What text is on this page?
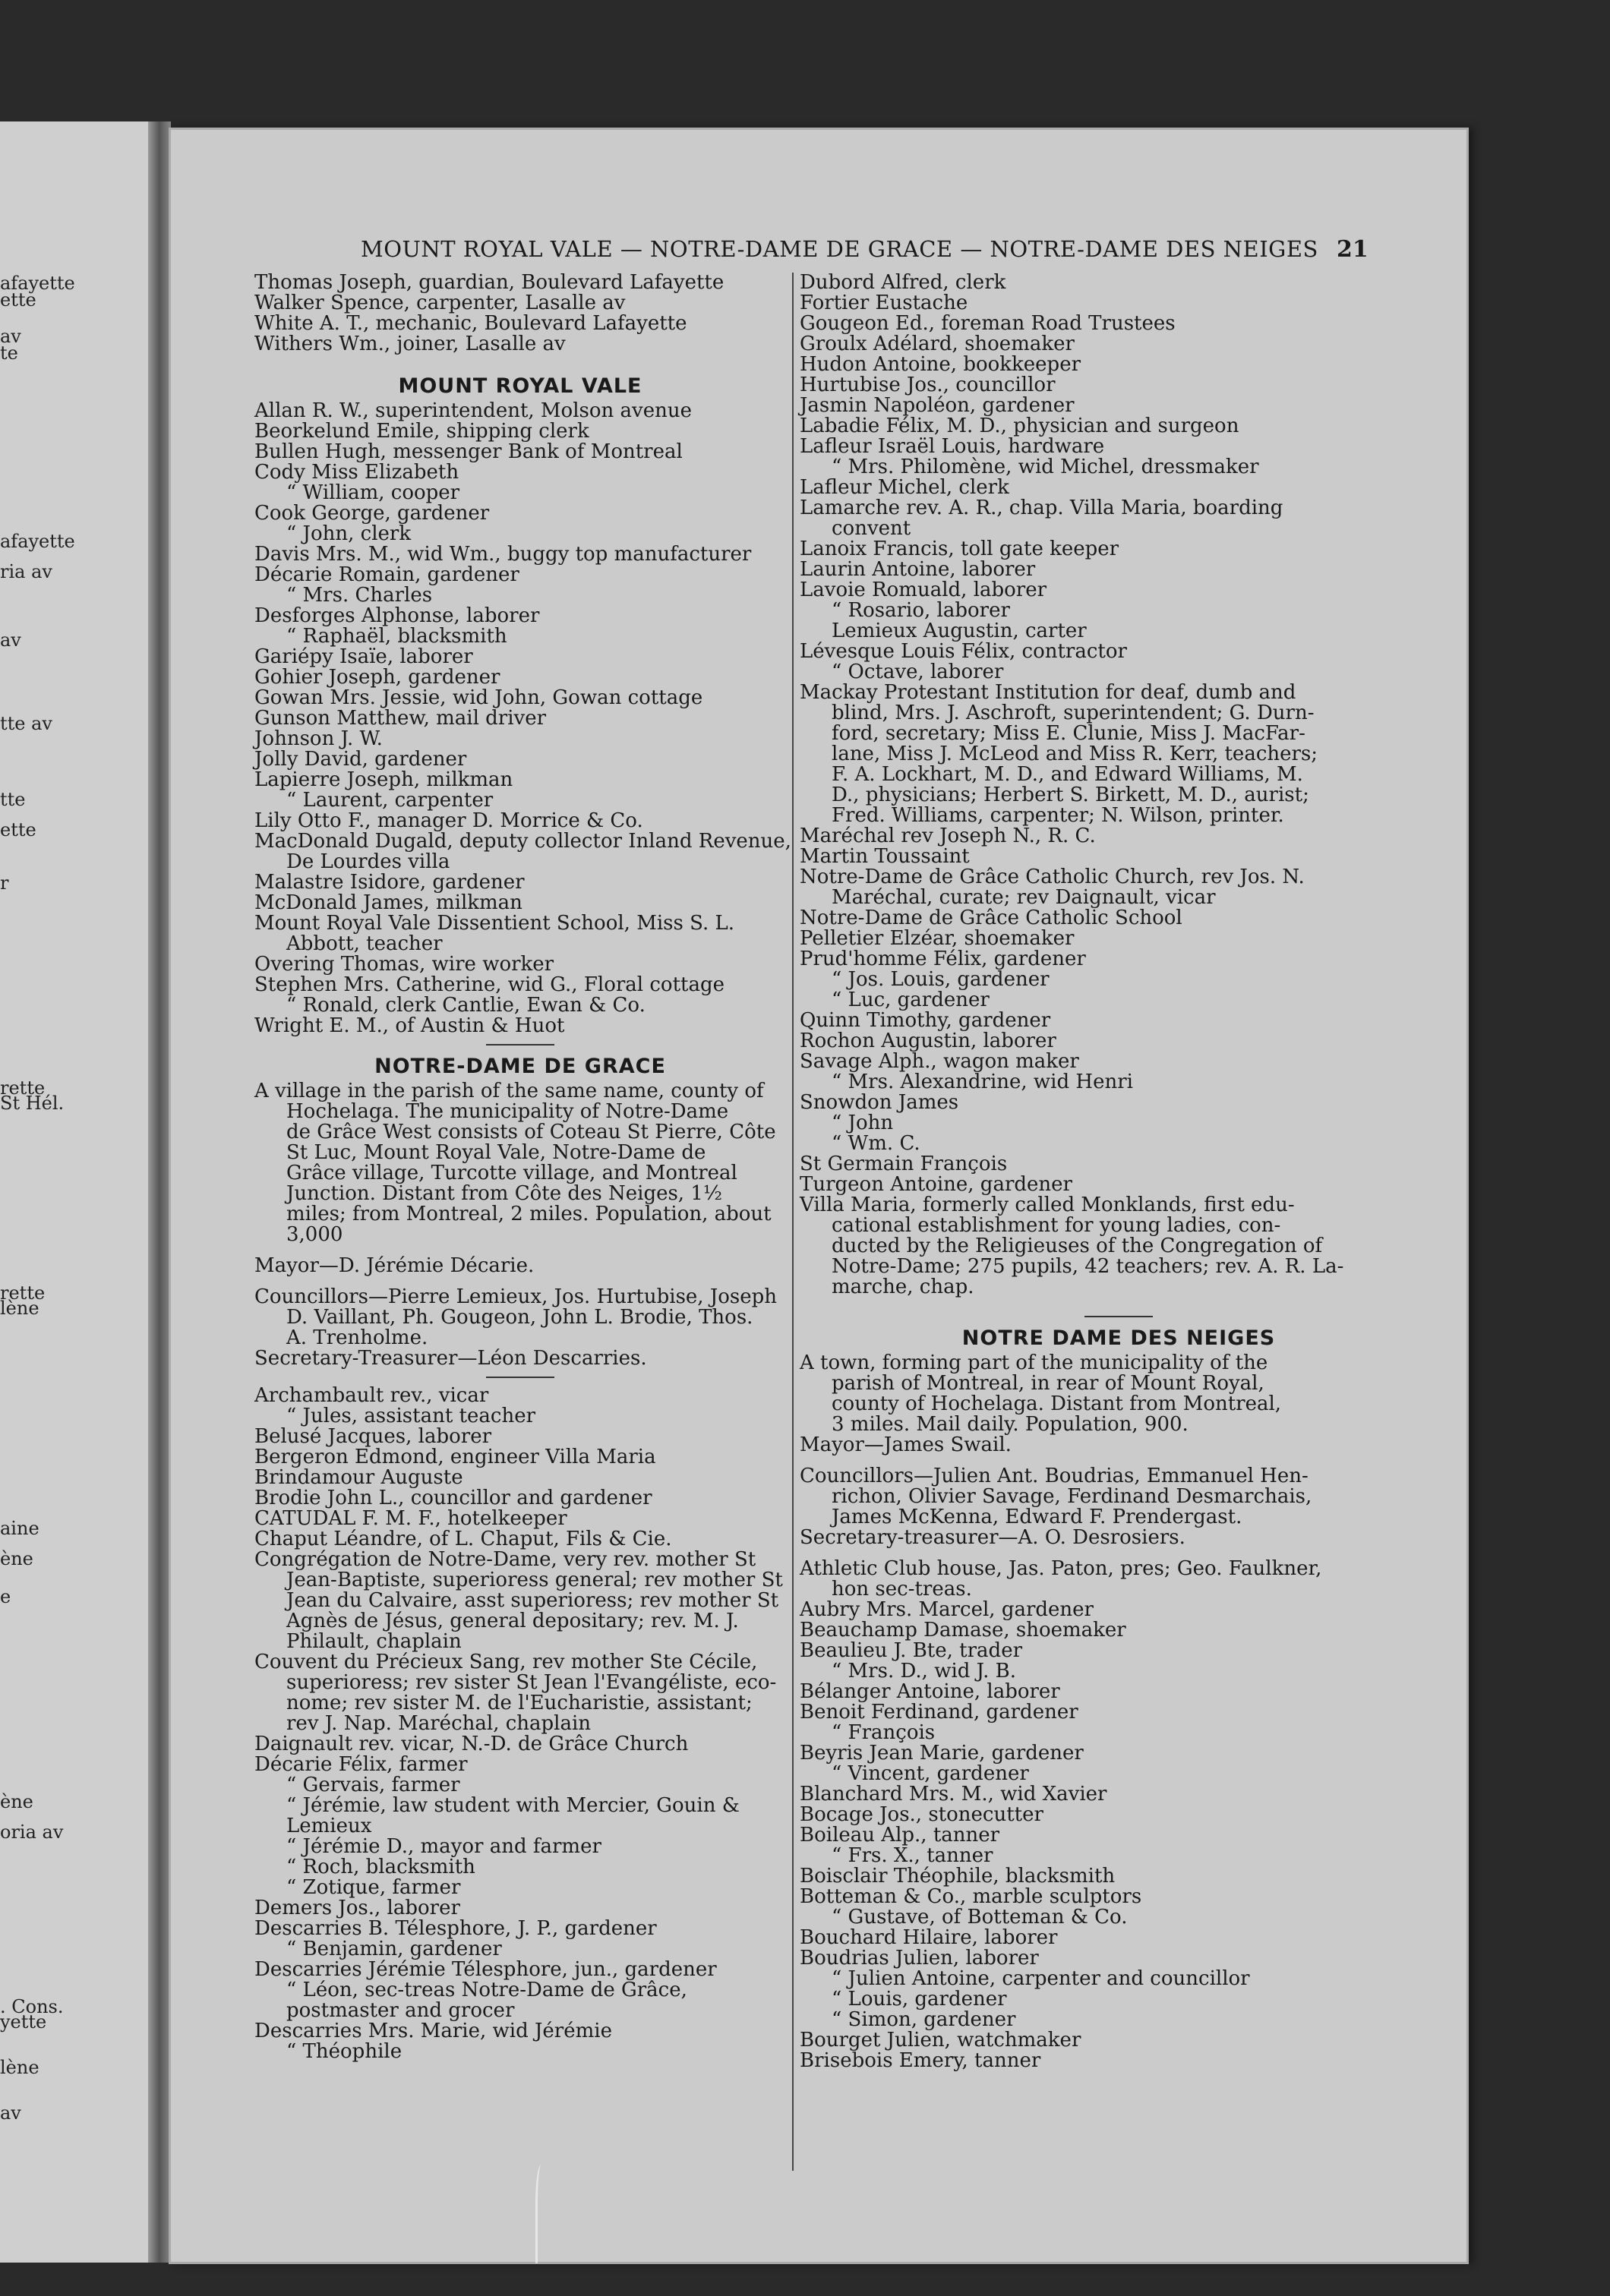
afayette
ette
av
te
afayette
ria av
av
tte av
tte
ette
r
rette
St Hél.
rette
lène
aine
ène
e
ène
oria av
. Cons.
yette
lène
av
MOUNT ROYAL VALE — NOTRE-DAME DE GRACE — NOTRE-DAME DES NEIGES 21
Thomas Joseph, guardian, Boulevard Lafayette
Walker Spence, carpenter, Lasalle av
White A. T., mechanic, Boulevard Lafayette
Withers Wm., joiner, Lasalle av
MOUNT ROYAL VALE
Allan R. W., superintendent, Molson avenue
Beorkelund Emile, shipping clerk
Bullen Hugh, messenger Bank of Montreal
Cody Miss Elizabeth
“ William, cooper
Cook George, gardener
“ John, clerk
Davis Mrs. M., wid Wm., buggy top manufacturer
Décarie Romain, gardener
“ Mrs. Charles
Desforges Alphonse, laborer
“ Raphaël, blacksmith
Gariépy Isaïe, laborer
Gohier Joseph, gardener
Gowan Mrs. Jessie, wid John, Gowan cottage
Gunson Matthew, mail driver
Johnson J. W.
Jolly David, gardener
Lapierre Joseph, milkman
“ Laurent, carpenter
Lily Otto F., manager D. Morrice & Co.
MacDonald Dugald, deputy collector Inland Revenue,
De Lourdes villa
Malastre Isidore, gardener
McDonald James, milkman
Mount Royal Vale Dissentient School, Miss S. L.
Abbott, teacher
Overing Thomas, wire worker
Stephen Mrs. Catherine, wid G., Floral cottage
“ Ronald, clerk Cantlie, Ewan & Co.
Wright E. M., of Austin & Huot
NOTRE-DAME DE GRACE
A village in the parish of the same name, county of
Hochelaga. The municipality of Notre-Dame
de Grâce West consists of Coteau St Pierre, Côte
St Luc, Mount Royal Vale, Notre-Dame de
Grâce village, Turcotte village, and Montreal
Junction. Distant from Côte des Neiges, 1½
miles; from Montreal, 2 miles. Population, about
3,000
Mayor—D. Jérémie Décarie.
Councillors—Pierre Lemieux, Jos. Hurtubise, Joseph
D. Vaillant, Ph. Gougeon, John L. Brodie, Thos.
A. Trenholme.
Secretary-Treasurer—Léon Descarries.
Archambault rev., vicar
“ Jules, assistant teacher
Belusé Jacques, laborer
Bergeron Edmond, engineer Villa Maria
Brindamour Auguste
Brodie John L., councillor and gardener
CATUDAL F. M. F., hotelkeeper
Chaput Léandre, of L. Chaput, Fils & Cie.
Congrégation de Notre-Dame, very rev. mother St
Jean-Baptiste, superioress general; rev mother St
Jean du Calvaire, asst superioress; rev mother St
Agnès de Jésus, general depositary; rev. M. J.
Philault, chaplain
Couvent du Précieux Sang, rev mother Ste Cécile,
superioress; rev sister St Jean l'Evangéliste, eco-
nome; rev sister M. de l'Eucharistie, assistant;
rev J. Nap. Maréchal, chaplain
Daignault rev. vicar, N.-D. de Grâce Church
Décarie Félix, farmer
“ Gervais, farmer
“ Jérémie, law student with Mercier, Gouin &
Lemieux
“ Jérémie D., mayor and farmer
“ Roch, blacksmith
“ Zotique, farmer
Demers Jos., laborer
Descarries B. Télesphore, J. P., gardener
“ Benjamin, gardener
Descarries Jérémie Télesphore, jun., gardener
“ Léon, sec-treas Notre-Dame de Grâce,
postmaster and grocer
Descarries Mrs. Marie, wid Jérémie
“ Théophile
Dubord Alfred, clerk
Fortier Eustache
Gougeon Ed., foreman Road Trustees
Groulx Adélard, shoemaker
Hudon Antoine, bookkeeper
Hurtubise Jos., councillor
Jasmin Napoléon, gardener
Labadie Félix, M. D., physician and surgeon
Lafleur Israël Louis, hardware
“ Mrs. Philomène, wid Michel, dressmaker
Lafleur Michel, clerk
Lamarche rev. A. R., chap. Villa Maria, boarding
convent
Lanoix Francis, toll gate keeper
Laurin Antoine, laborer
Lavoie Romuald, laborer
“ Rosario, laborer
Lemieux Augustin, carter
Lévesque Louis Félix, contractor
“ Octave, laborer
Mackay Protestant Institution for deaf, dumb and
blind, Mrs. J. Aschroft, superintendent; G. Durn-
ford, secretary; Miss E. Clunie, Miss J. MacFar-
lane, Miss J. McLeod and Miss R. Kerr, teachers;
F. A. Lockhart, M. D., and Edward Williams, M.
D., physicians; Herbert S. Birkett, M. D., aurist;
Fred. Williams, carpenter; N. Wilson, printer.
Maréchal rev Joseph N., R. C.
Martin Toussaint
Notre-Dame de Grâce Catholic Church, rev Jos. N.
Maréchal, curate; rev Daignault, vicar
Notre-Dame de Grâce Catholic School
Pelletier Elzéar, shoemaker
Prud'homme Félix, gardener
“ Jos. Louis, gardener
“ Luc, gardener
Quinn Timothy, gardener
Rochon Augustin, laborer
Savage Alph., wagon maker
“ Mrs. Alexandrine, wid Henri
Snowdon James
“ John
“ Wm. C.
St Germain François
Turgeon Antoine, gardener
Villa Maria, formerly called Monklands, first edu-
cational establishment for young ladies, con-
ducted by the Religieuses of the Congregation of
Notre-Dame; 275 pupils, 42 teachers; rev. A. R. La-
marche, chap.
NOTRE DAME DES NEIGES
A town, forming part of the municipality of the
parish of Montreal, in rear of Mount Royal,
county of Hochelaga. Distant from Montreal,
3 miles. Mail daily. Population, 900.
Mayor—James Swail.
Councillors—Julien Ant. Boudrias, Emmanuel Hen-
richon, Olivier Savage, Ferdinand Desmarchais,
James McKenna, Edward F. Prendergast.
Secretary-treasurer—A. O. Desrosiers.
Athletic Club house, Jas. Paton, pres; Geo. Faulkner,
hon sec-treas.
Aubry Mrs. Marcel, gardener
Beauchamp Damase, shoemaker
Beaulieu J. Bte, trader
“ Mrs. D., wid J. B.
Bélanger Antoine, laborer
Benoit Ferdinand, gardener
“ François
Beyris Jean Marie, gardener
“ Vincent, gardener
Blanchard Mrs. M., wid Xavier
Bocage Jos., stonecutter
Boileau Alp., tanner
“ Frs. X., tanner
Boisclair Théophile, blacksmith
Botteman & Co., marble sculptors
“ Gustave, of Botteman & Co.
Bouchard Hilaire, laborer
Boudrias Julien, laborer
“ Julien Antoine, carpenter and councillor
“ Louis, gardener
“ Simon, gardener
Bourget Julien, watchmaker
Brisebois Emery, tanner
